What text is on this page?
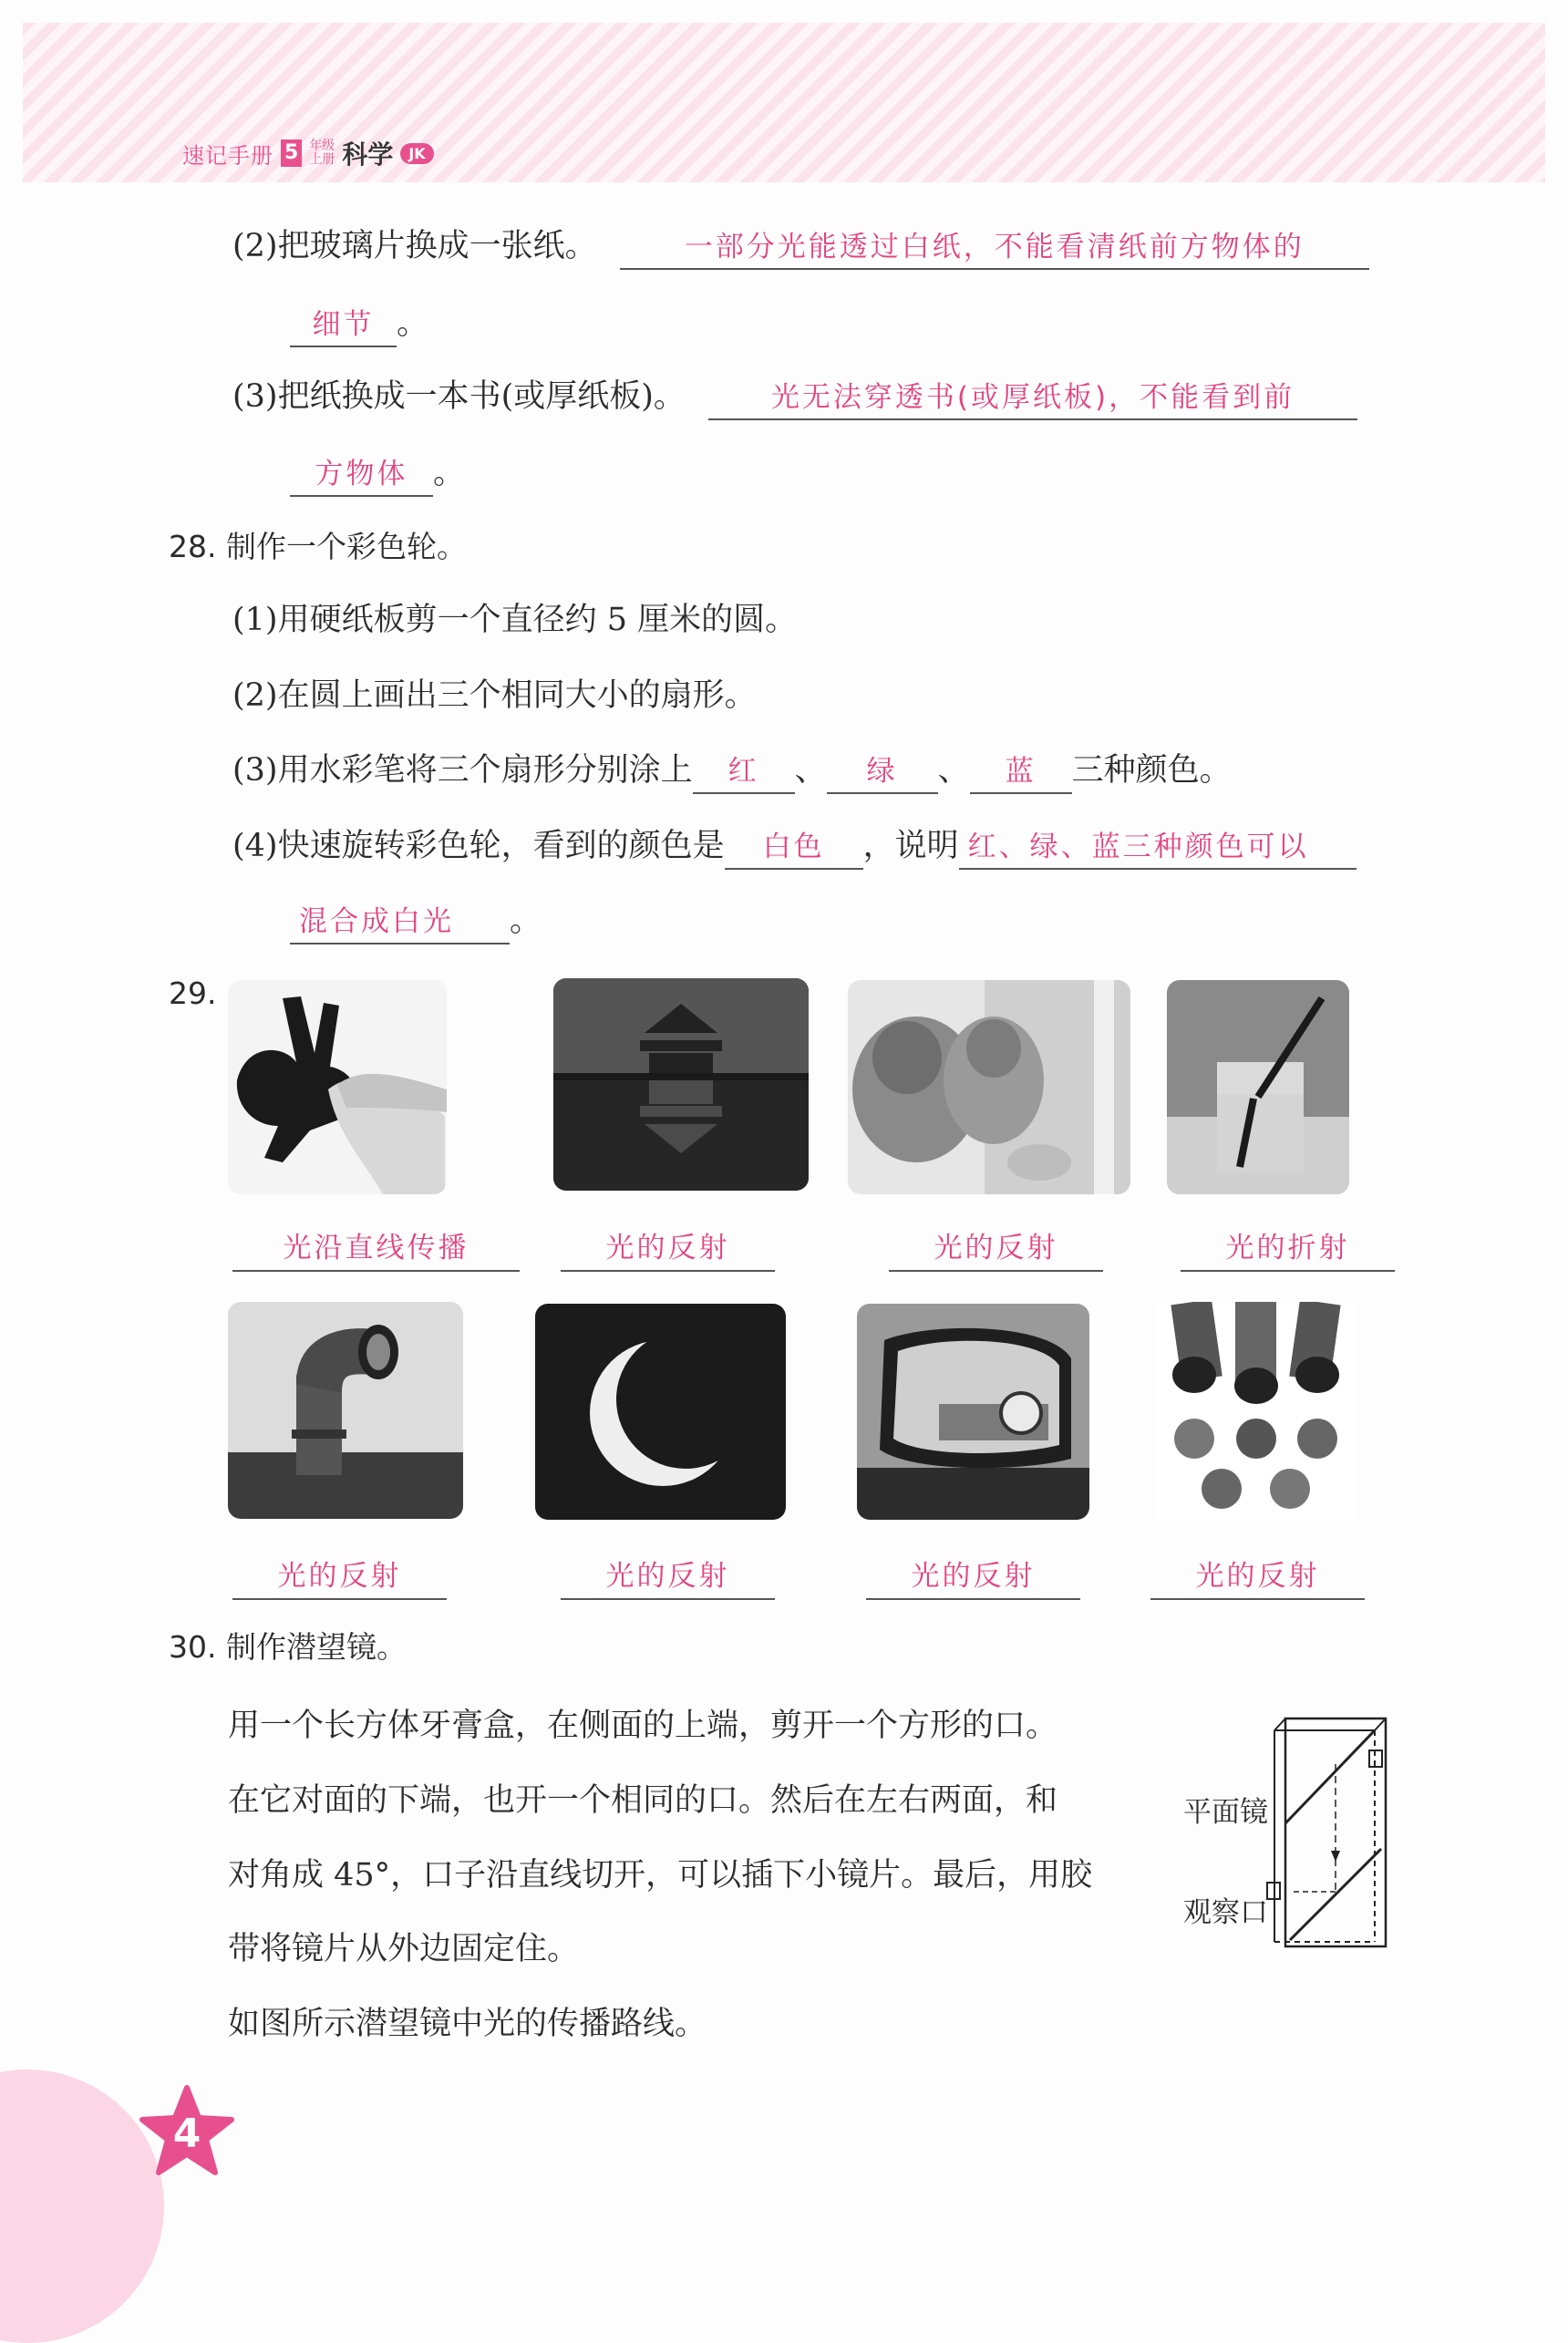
速记手册 5 年级
上册 科学	JK
(2)把玻璃片换成一张纸。	一部分光能透过白纸，不能看清纸前方物体的
细节 。
(3)把纸换成一本书(或厚纸板)。	光无法穿透书(或厚纸板)，不能看到前
方物体 。
28. 制作一个彩色轮。
(1)用硬纸板剪一个直径约 5 厘米的圆。
(2)在圆上画出三个相同大小的扇形。
(3)用水彩笔将三个扇形分别涂上 红 、 绿 、 蓝 三种颜色。
(4)快速旋转彩色轮，看到的颜色是 白色 ，说明 红、绿、蓝三种颜色可以
混合成白光 。
29.
光沿直线传播	光的反射	光的反射	光的折射
光的反射	光的反射	光的反射	光的反射
30. 制作潜望镜。
用一个长方体牙膏盒，在侧面的上端，剪开一个方形的口。
在它对面的下端，也开一个相同的口。然后在左右两面，和
对角成 45°，口子沿直线切开，可以插下小镜片。最后，用胶
带将镜片从外边固定住。
如图所示潜望镜中光的传播路线。
平面镜
观察口
4
